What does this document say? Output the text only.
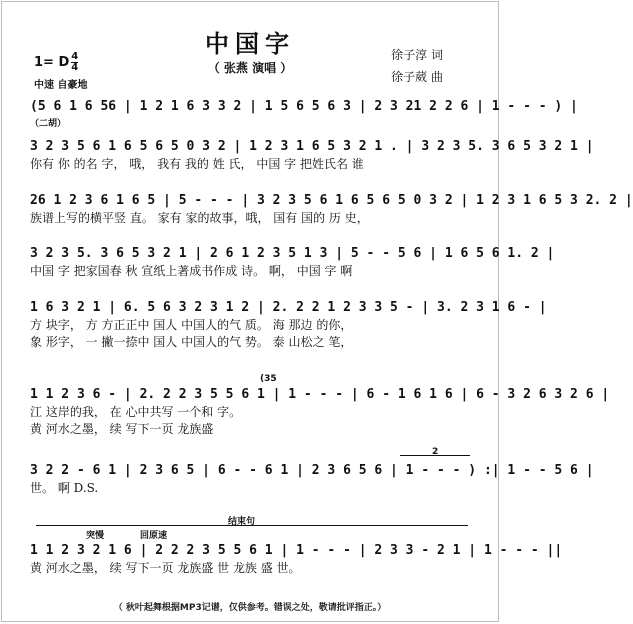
中国字
（ 张燕 演唱 ）
1= D 4
4
中速 自豪地
徐子淳 词
徐子葳 曲
(5 6 1 6 56 | 1 2 1 6 3 3 2 | 1 5 6 5 6 3 | 2 3 21 2 2 6 | 1 - - - ) |
（二胡）
3 2 3 5 6 1 6 5 6 5 0 3 2 | 1 2 3 1 6 5 3 2 1 . | 3 2 3 5. 3 6 5 3 2 1 |
你有 你 的名 字， 哦， 我有 我的 姓 氏， 中国 字 把姓氏名 谁
26 1 2 3 6 1 6 5 | 5 - - - | 3 2 3 5 6 1 6 5 6 5 0 3 2 | 1 2 3 1 6 5 3 2. 2 |
族谱上写的横平竖 直。 家有 家的故事，哦， 国有 国的 历 史，
3 2 3 5. 3 6 5 3 2 1 | 2 6 1 2 3 5 1 3 | 5 - - 5 6 | 1 6 5 6 1. 2 |
中国 字 把家国春 秋 宣纸上著成书作成 诗。 啊， 中国 字 啊
1 6 3 2 1 | 6. 5 6 3 2 3 1 2 | 2. 2 2 1 2 3 3 5 - | 3. 2 3 1 6 - |
方 块字， 方 方正正中 国人 中国人的气 质。 海 那边 的你，
象 形字， 一 撇一捺中 国人 中国人的气 势。 泰 山松之 笔，
(35
1 1 2 3 6 - | 2. 2 2 3 5 5 6 1 | 1 - - - | 6 - 1 6 1 6 | 6 - 3 2 6 3 2 6 |
江 这岸的我， 在 心中共写 一个和 字。
黄 河水之墨， 续 写下一页 龙族盛
2
3 2 2 - 6 1 | 2 3 6 5 | 6 - - 6 1 | 2 3 6 5 6 | 1 - - - ) :| 1 - - 5 6 |
世。 啊 D.S.
结束句
突慢	回原速
1 1 2 3 2 1 6 | 2 2 2 3 5 5 6 1 | 1 - - - | 2 3 3 - 2 1 | 1 - - - ||
黄 河水之墨， 续 写下一页 龙族盛 世 龙族 盛 世。
（ 秋叶起舞根据MP3记谱，仅供参考。错误之处，敬请批评指正。）
